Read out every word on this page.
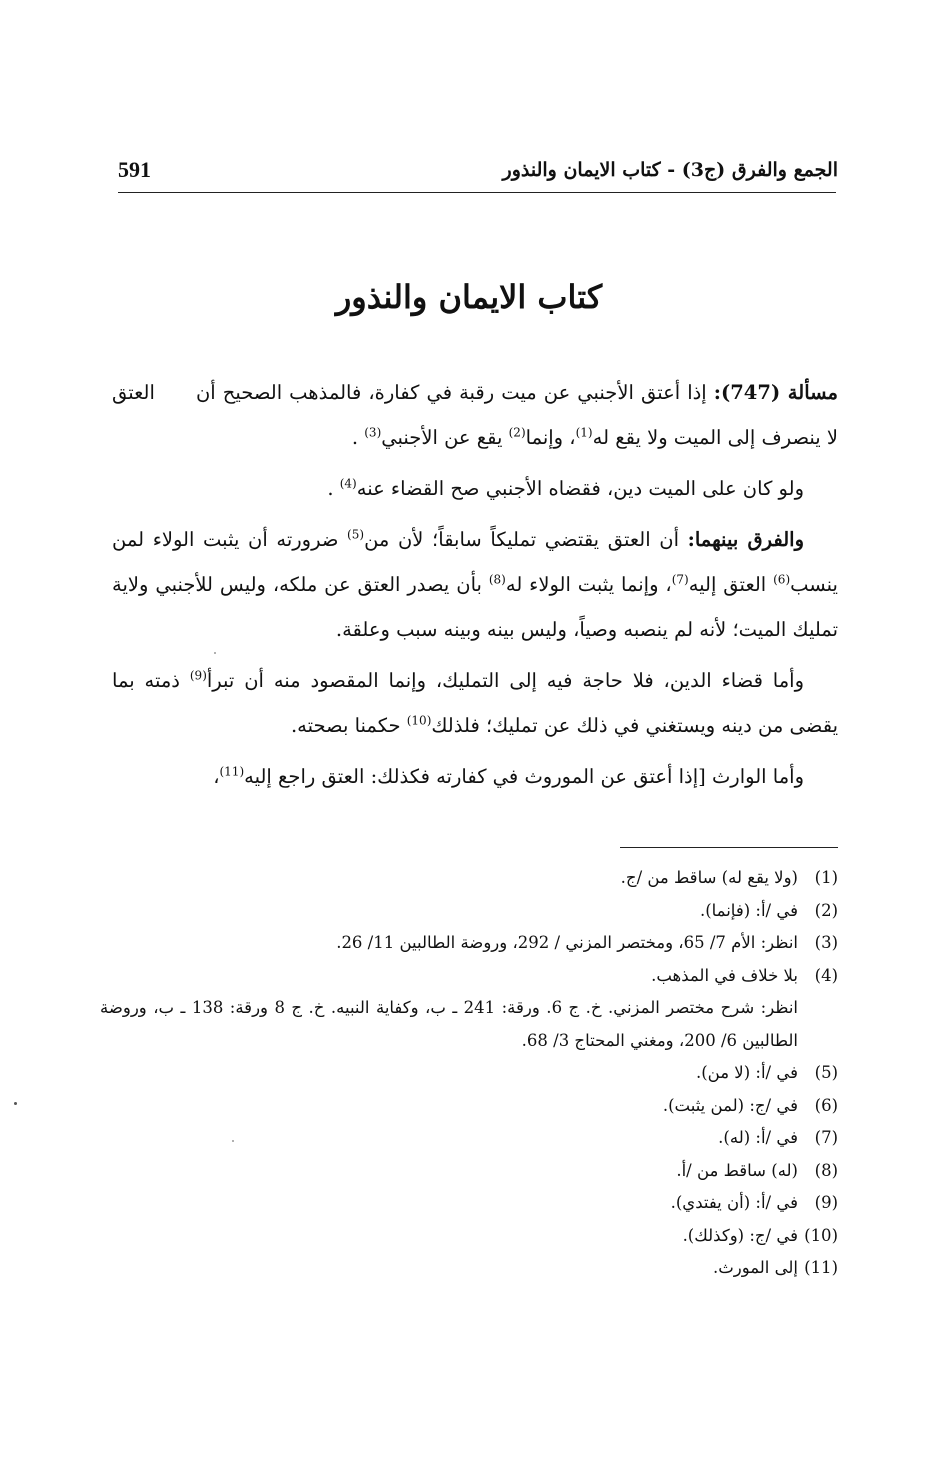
591	الجمع والفرق (ج3) - كتاب الايمان والنذور
كتاب الايمان والنذور

مسألة (747): إذا أعتق الأجنبي عن ميت رقبة في كفارة، فالمذهب الصحيح أن العتق لا ينصرف إلى الميت ولا يقع له$^{(1)}$، وإنما$^{(2)}$ يقع عن الأجنبي$^{(3)}$ .

ولو كان على الميت دين، فقضاه الأجنبي صح القضاء عنه$^{(4)}$ .

والفرق بينهما: أن العتق يقتضي تمليكاً سابقاً؛ لأن من$^{(5)}$ ضرورته أن يثبت الولاء لمن ينسب$^{(6)}$ العتق إليه$^{(7)}$، وإنما يثبت الولاء له$^{(8)}$ بأن يصدر العتق عن ملكه، وليس للأجنبي ولاية تمليك الميت؛ لأنه لم ينصبه وصياً، وليس بينه وبينه سبب وعلقة.

وأما قضاء الدين، فلا حاجة فيه إلى التمليك، وإنما المقصود منه أن تبرأ$^{(9)}$ ذمته بما يقضى من دينه ويستغني في ذلك عن تمليك؛ فلذلك$^{(10)}$ حكمنا بصحته.

وأما الوارث [إذا أعتق عن الموروث في كفارته فكذلك: العتق راجع إليه$^{(11)}$،

(1)
(ولا يقع له) ساقط من /ج.
(2)
في /أ: (فإنما).
(3)
انظر: الأم 7/ 65، ومختصر المزني / 292، وروضة الطالبين 11/ 26.
(4)
بلا خلاف في المذهب.
انظر: شرح مختصر المزني. خ. ج 6. ورقة: 241 ـ ب، وكفاية النبيه. خ. ج 8 ورقة: 138 ـ ب، وروضة الطالبين 6/ 200، ومغني المحتاج 3/ 68.
(5)
في /أ: (لا من).
(6)
في /ج: (لمن يثبت).
(7)
في /أ: (له).
(8)
(له) ساقط من /أ.
(9)
في /أ: (أن يفتدي).
(10)
في /ج: (وكذلك).
(11)
إلى المورث.
